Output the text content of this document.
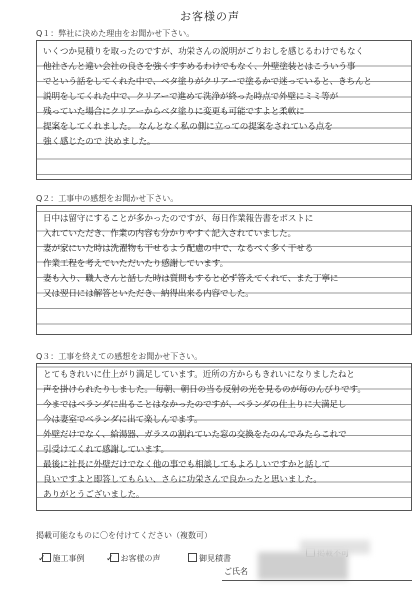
お客様の声
Q１：弊社に決めた理由をお聞かせ下さい。
いくつか見積りを取ったのですが、功栄さんの説明がごりおしを感じるわけでもなく
他社さんと違い会社の良さを強くすすめるわけでもなく、外壁塗装とはこういう事
でという話をしてくれた中で、ベタ塗りがクリアーで塗るかで迷っていると、きちんと
説明をしてくれた中で、クリアーで進めて洗浄が終った時点で外壁にミミ等が
残っていた場合にクリアーからベタ塗りに変更も可能ですよと柔軟に
提案をしてくれました。 なんとなく私の側に立っての提案をされている点を
強く感じたので 決めました。
Q２：工事中の感想をお聞かせ下さい。
日中は留守にすることが多かったのですが、毎日作業報告書をポストに
入れていただき、作業の内容も分かりやすく記入されていました。
妻が家にいた時は洗濯物も干せるよう配慮の中で、なるべく多く干せる
作業工程を考えていただいたり感謝しています。
妻も入り、職人さんと話した時は質問もすると必ず答えてくれて、また丁寧に
又は翌日には解答といただき、納得出来る内容でした。
Q３：工事を終えての感想をお聞かせ下さい。
とてもきれいに仕上がり満足しています。近所の方からもきれいになりましたねと
声を掛けられたりしました。 毎朝、朝日の当る反射の光を見るのが毎のんびりです。
今まではベランダに出ることはなかったのですが、ベランダの仕上りに大満足し
今は妻室でベランダに出て楽しんでます。
外壁だけでなく、給湯器、ガラスの割れていた窓の交換をたのんでみたらこれで
引受けてくれて感謝しています。
最後に社長に外壁だけでなく他の事でも相談してもよろしいですかと話して
良いですよと即答してもらい、さらに功栄さんで良かったと思いました。
ありがとうございました。
掲載可能なものに〇を付けてください（複数可）
✓ 施工事例 ✓ お客様の声	御見積書
ご氏名
